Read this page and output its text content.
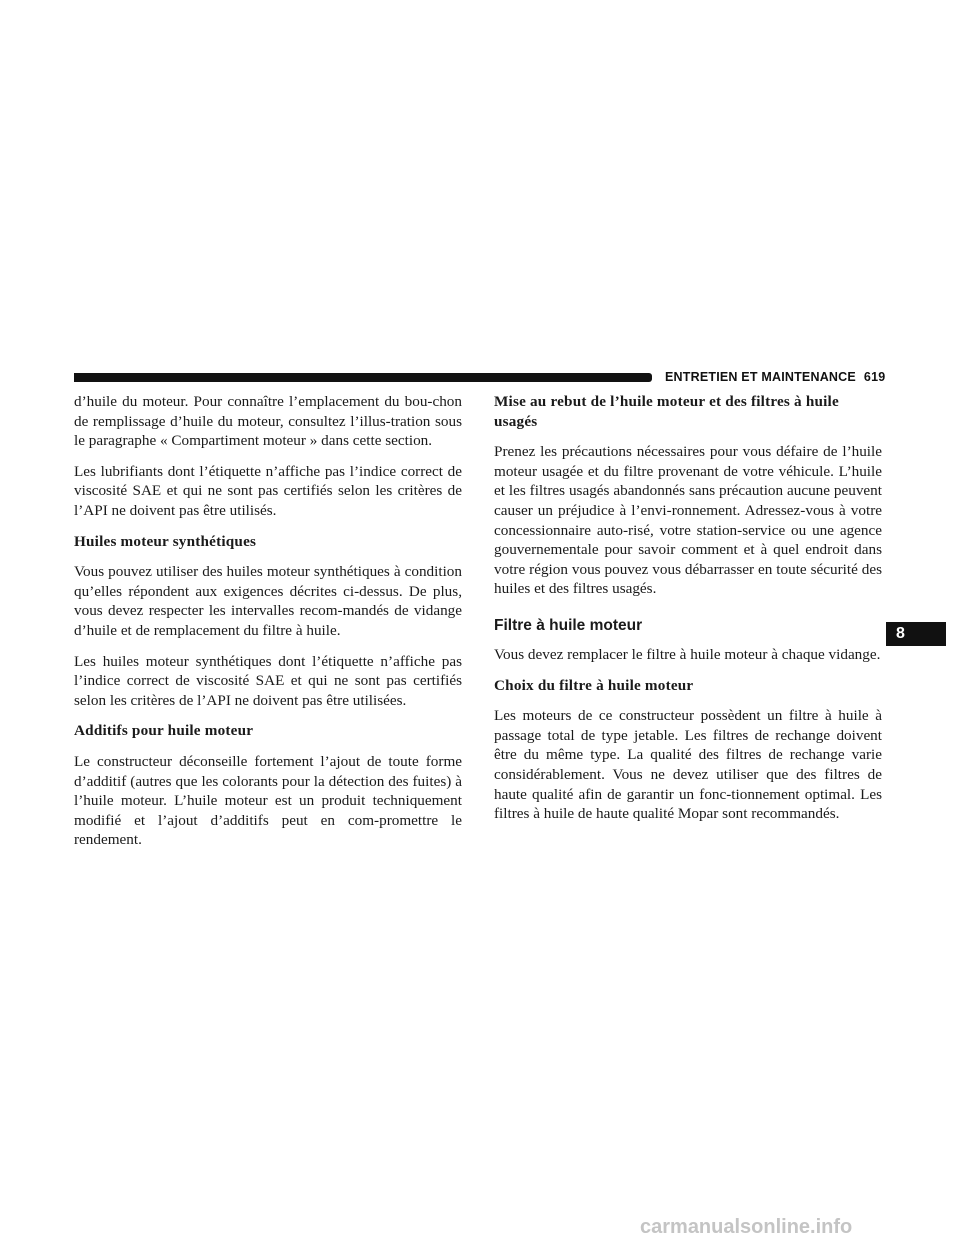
ENTRETIEN ET MAINTENANCE 619

d’huile du moteur. Pour connaître l’emplacement du bou-chon de remplissage d’huile du moteur, consultez l’illus-tration sous le paragraphe « Compartiment moteur » dans cette section.

Les lubrifiants dont l’étiquette n’affiche pas l’indice correct de viscosité SAE et qui ne sont pas certifiés selon les critères de l’API ne doivent pas être utilisés.

Huiles moteur synthétiques

Vous pouvez utiliser des huiles moteur synthétiques à condition qu’elles répondent aux exigences décrites ci-dessus. De plus, vous devez respecter les intervalles recom-mandés de vidange d’huile et de remplacement du filtre à huile.

Les huiles moteur synthétiques dont l’étiquette n’affiche pas l’indice correct de viscosité SAE et qui ne sont pas certifiés selon les critères de l’API ne doivent pas être utilisées.

Additifs pour huile moteur

Le constructeur déconseille fortement l’ajout de toute forme d’additif (autres que les colorants pour la détection des fuites) à l’huile moteur. L’huile moteur est un produit techniquement modifié et l’ajout d’additifs peut en com-promettre le rendement.

Mise au rebut de l’huile moteur et des filtres à huile usagés

Prenez les précautions nécessaires pour vous défaire de l’huile moteur usagée et du filtre provenant de votre véhicule. L’huile et les filtres usagés abandonnés sans précaution aucune peuvent causer un préjudice à l’envi-ronnement. Adressez-vous à votre concessionnaire auto-risé, votre station-service ou une agence gouvernementale pour savoir comment et à quel endroit dans votre région vous pouvez vous débarrasser en toute sécurité des huiles et des filtres usagés.

Filtre à huile moteur

Vous devez remplacer le filtre à huile moteur à chaque vidange.

Choix du filtre à huile moteur

Les moteurs de ce constructeur possèdent un filtre à huile à passage total de type jetable. Les filtres de rechange doivent être du même type. La qualité des filtres de rechange varie considérablement. Vous ne devez utiliser que des filtres de haute qualité afin de garantir un fonc-tionnement optimal. Les filtres à huile de haute qualité Mopar sont recommandés.

8
carmanualsonline.info
